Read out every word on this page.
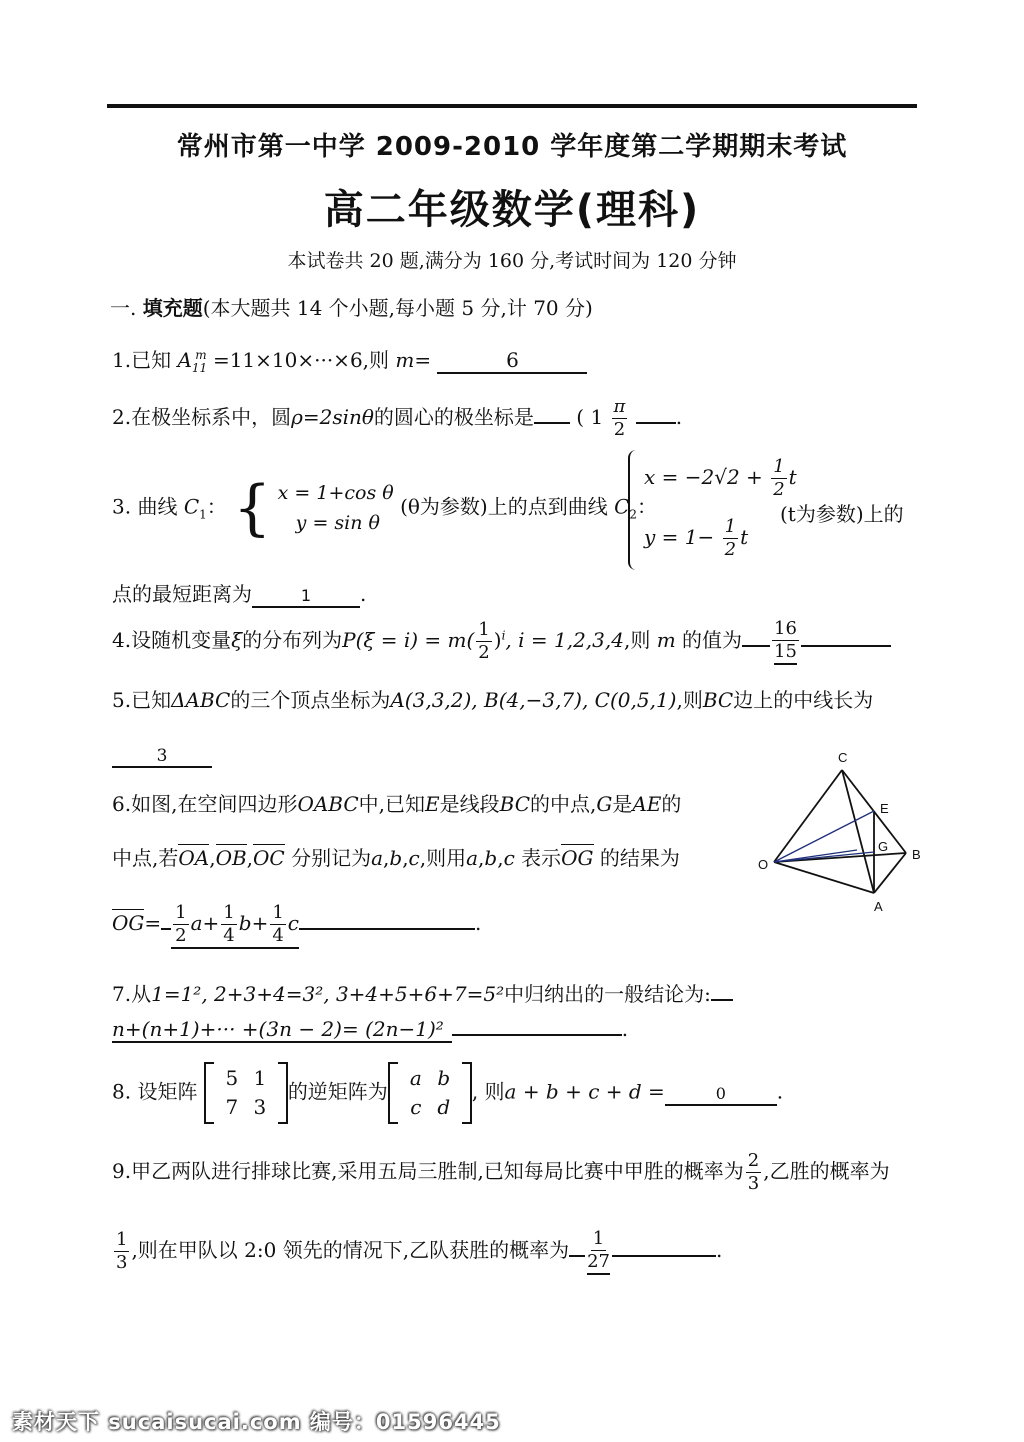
常州市第一中学 2009-2010 学年度第二学期期末考试
高二年级数学(理科)
本试卷共 20 题,满分为 160 分,考试时间为 120 分钟
一. 填充题(本大题共 14 个小题,每小题 5 分,计 70 分)
1.已知 $A_{11}^m =11\times 10\times\cdot\cdot\cdot\times 6$,则 m=	6
2.在极坐标系中，圆ρ=2sinθ的圆心的极坐标是 ( $1 \frac{\pi}{2}$ .
3. 曲线 $C_1$： { x = 1+cos θ
y = sin θ
(θ为参数)上的点到曲线 $C_2$：
$x = -2√2 + \frac{1}{2}$ t
$y = 1- \frac{1}{2}$ t
(t为参数)上的
点的最短距离为	1 .
4.设随机变量ξ的分布列为$P(\xi = i) = m( \frac{1}{2} )^i$, i = 1,2,3,4,则 m 的值为 $\frac{16}{15}$
5.已知ΔABC的三个顶点坐标为A(3,3,2), B(4,−3,7), C(0,5,1),则BC边上的中线长为
3
6.如图,在空间四边形OABC中,已知E是线段BC的中点,G是AE的
中点,若OA,OB,OC 分别记为a,b,c,则用a,b,c 表示OG 的结果为
$OG= \frac{1}{2} a+ \frac{1}{4} b+ \frac{1}{4}$ c	.
C
E
O
G
B
A
7.从1=1², 2+3+4=3², 3+4+5+6+7=5²中归纳出的一般结论为:
n+(n+1)+··· +(3n − 2)= (2n−1)²	.
8. 设矩阵
5 1
7 3
的逆矩阵为
a b
c d
, 则a + b + c + d =	0	.
9.甲乙两队进行排球比赛,采用五局三胜制,已知每局比赛中甲胜的概率为 $\frac{2}{3}$ ,乙胜的概率为
$\frac{1}{3}$ ,则在甲队以 2:0 领先的情况下,乙队获胜的概率为 $\frac{1}{27}$	.
素材天下 sucaisucai.com 编号：01596445
